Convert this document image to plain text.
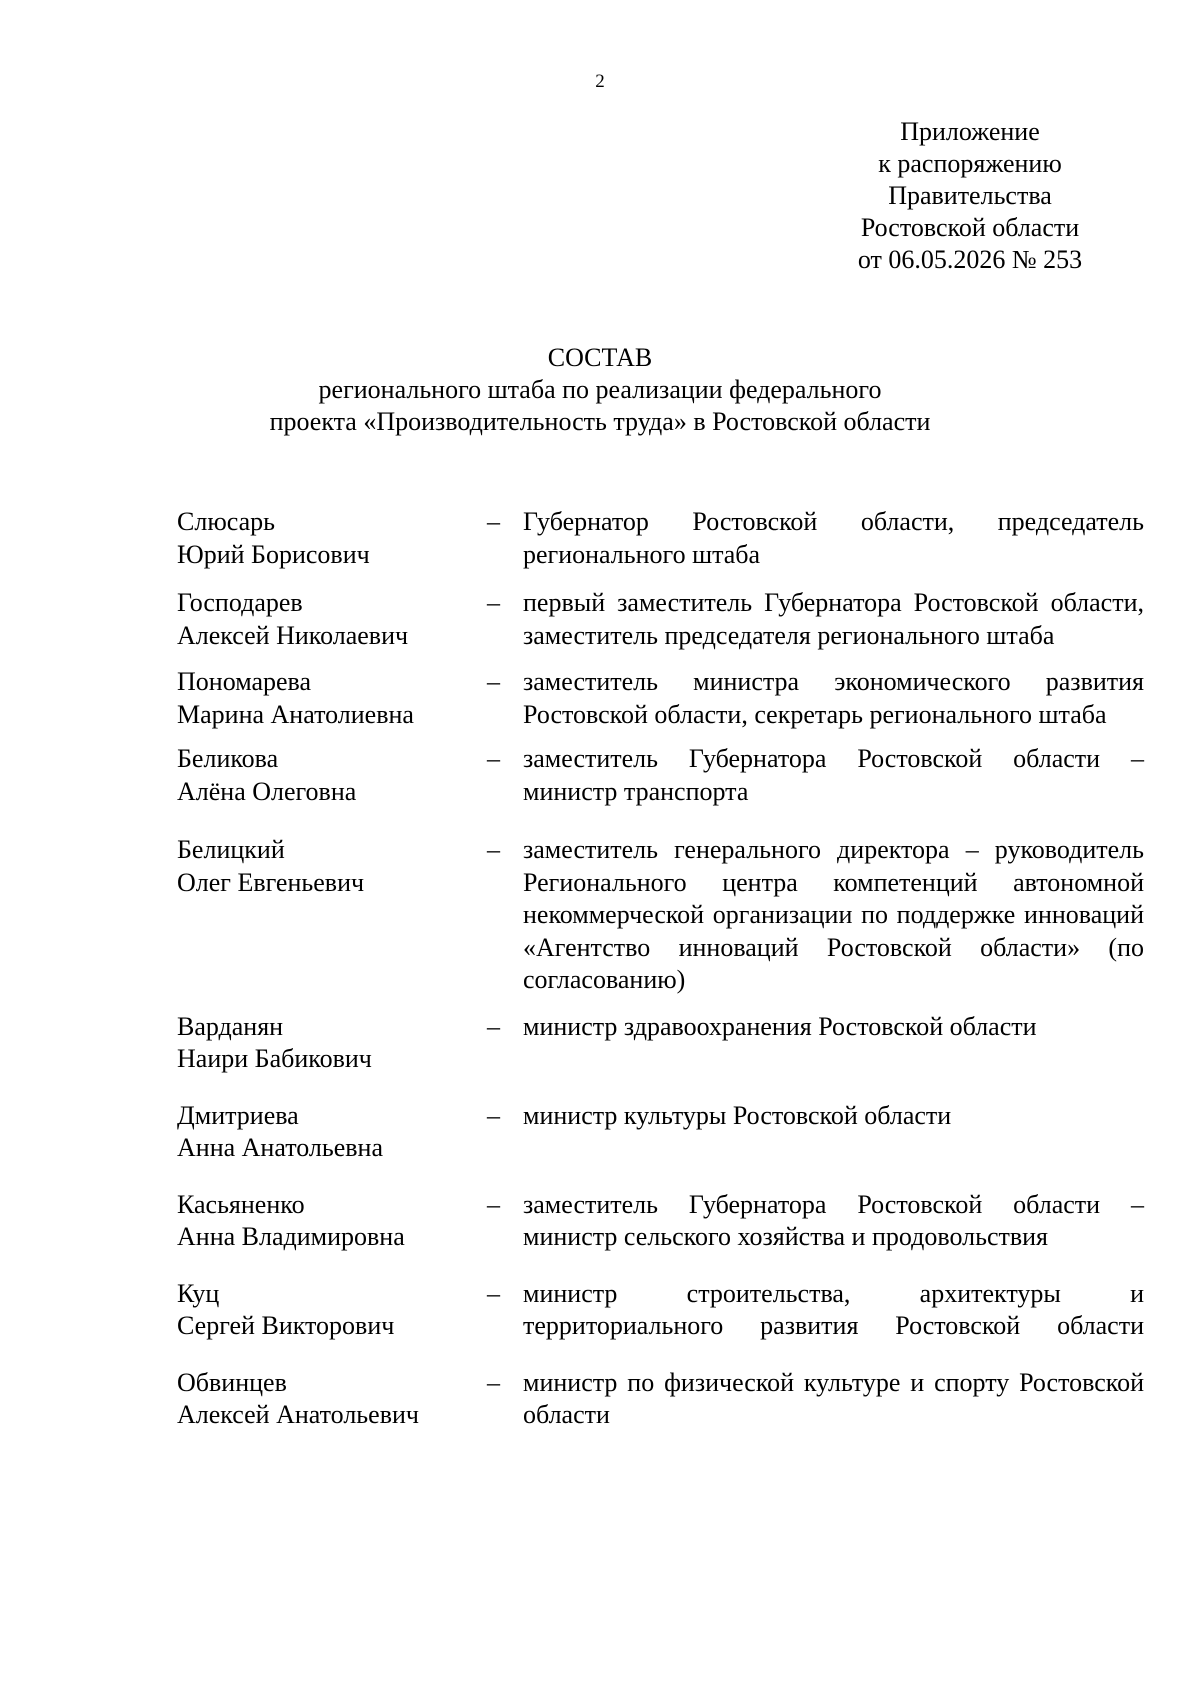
2
Приложение
к распоряжению
Правительства
Ростовской области
от 06.05.2026 № 253
СОСТАВ
регионального штаба по реализации федерального
проекта «Производительность труда» в Ростовской области
Слюсарь
Юрий Борисович
– Губернатор Ростовской области, председатель регионального штаба
Господарев
Алексей Николаевич
– первый заместитель Губернатора Ростовской области, заместитель председателя регионального штаба
Пономарева
Марина Анатолиевна
– заместитель министра экономического развития Ростовской области, секретарь регионального штаба
Беликова
Алёна Олеговна
– заместитель Губернатора Ростовской области – министр транспорта
Белицкий
Олег Евгеньевич
– заместитель генерального директора – руководитель Регионального центра компетенций автономной некоммерческой организации по поддержке инноваций «Агентство инноваций Ростовской области» (по согласованию)
Варданян
Наири Бабикович
– министр здравоохранения Ростовской области
Дмитриева
Анна Анатольевна
– министр культуры Ростовской области
Касьяненко
Анна Владимировна
– заместитель Губернатора Ростовской области – министр сельского хозяйства и продовольствия
Куц
Сергей Викторович
– министр строительства, архитектуры и территориального развития Ростовской области
Обвинцев
Алексей Анатольевич
– министр по физической культуре и спорту Ростовской области
